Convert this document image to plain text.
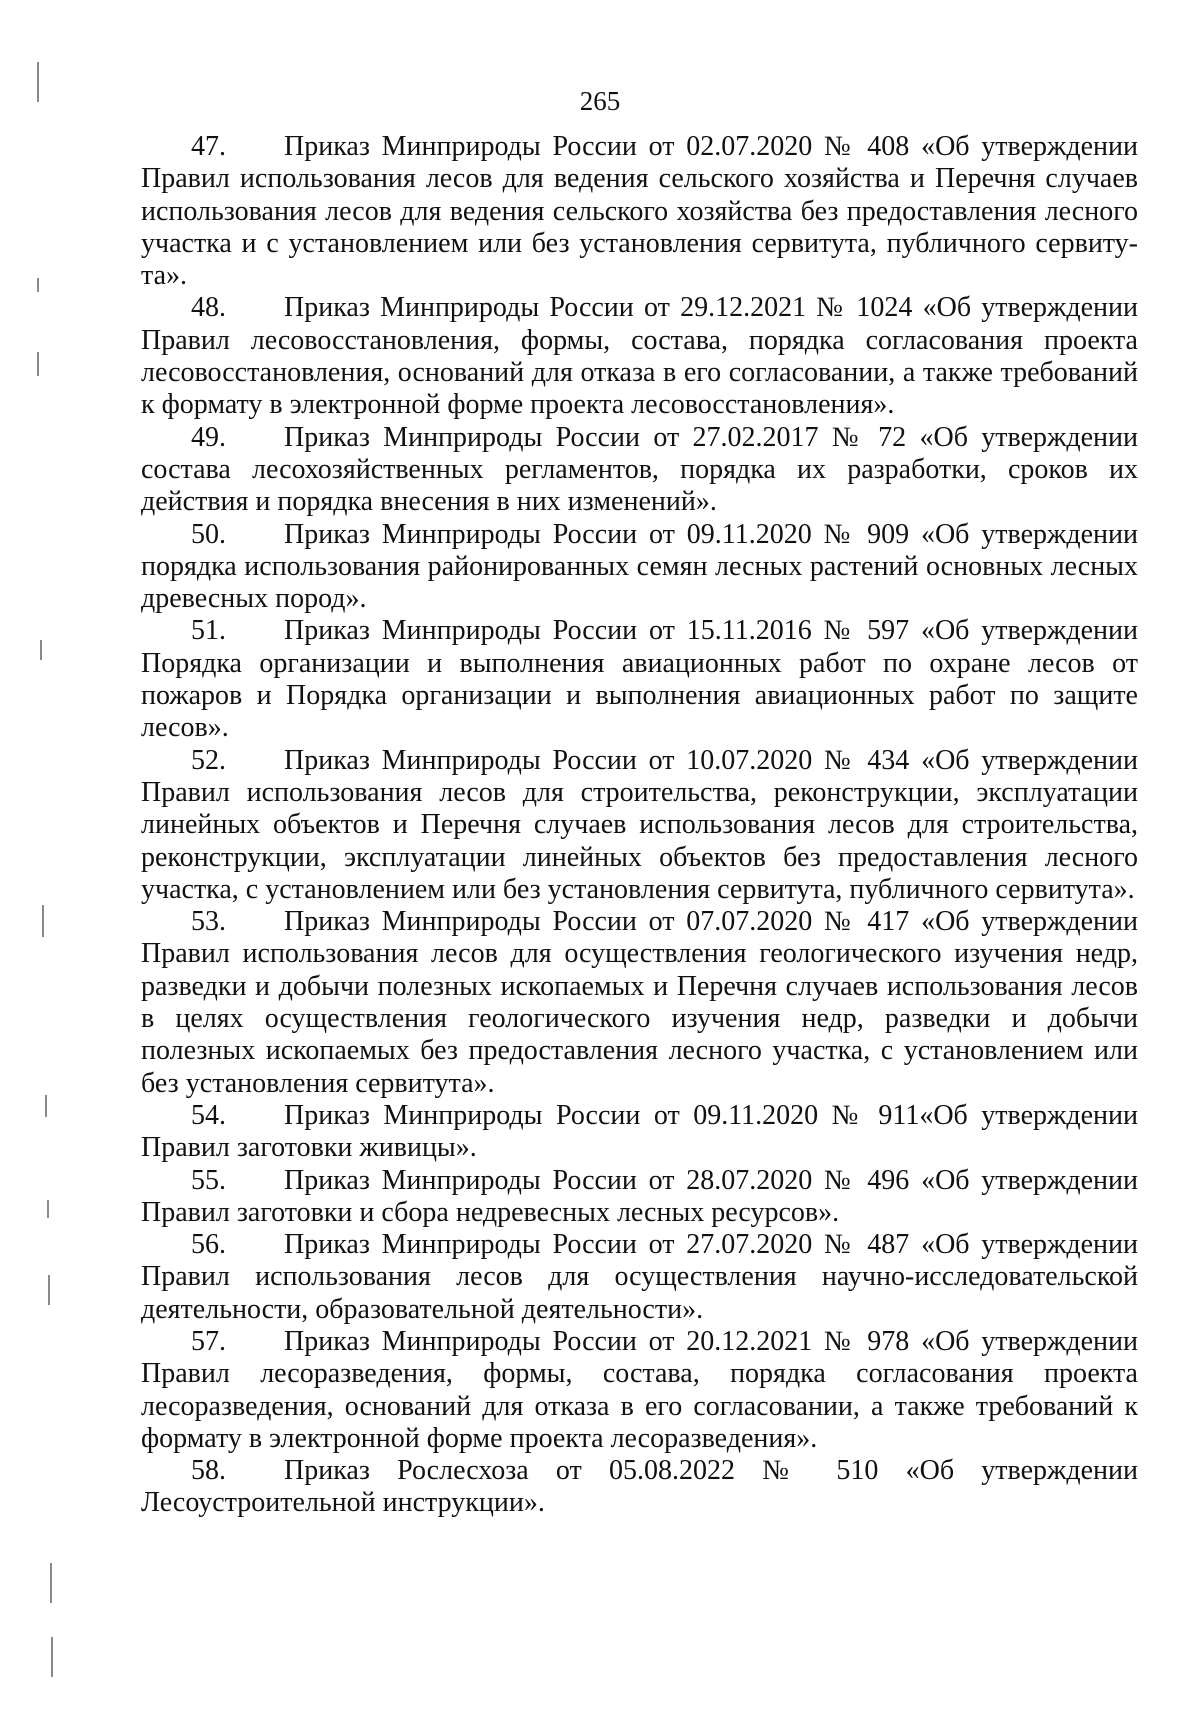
265
47. Приказ Минприроды России от 02.07.2020 № 408 «Об утверждении Правил использования лесов для ведения сельского хозяйства и Перечня случаев использования лесов для ведения сельского хозяйства без предоставления лесного участка и с установлением или без установления сервитута, публичного сервиту-та».
48. Приказ Минприроды России от 29.12.2021 № 1024 «Об утверждении Правил лесовосстановления, формы, состава, порядка согласования проекта лесовосстановления, оснований для отказа в его согласовании, а также требований к формату в электронной форме проекта лесовосстановления».
49. Приказ Минприроды России от 27.02.2017 № 72 «Об утверждении состава лесохозяйственных регламентов, порядка их разработки, сроков их действия и порядка внесения в них изменений».
50. Приказ Минприроды России от 09.11.2020 № 909 «Об утверждении порядка использования районированных семян лесных растений основных лесных древесных пород».
51. Приказ Минприроды России от 15.11.2016 № 597 «Об утверждении Порядка организации и выполнения авиационных работ по охране лесов от пожаров и Порядка организации и выполнения авиационных работ по защите лесов».
52. Приказ Минприроды России от 10.07.2020 № 434 «Об утверждении Правил использования лесов для строительства, реконструкции, эксплуатации линейных объектов и Перечня случаев использования лесов для строительства, реконструкции, эксплуатации линейных объектов без предоставления лесного участка, с установлением или без установления сервитута, публичного сервитута».
53. Приказ Минприроды России от 07.07.2020 № 417 «Об утверждении Правил использования лесов для осуществления геологического изучения недр, разведки и добычи полезных ископаемых и Перечня случаев использования лесов в целях осуществления геологического изучения недр, разведки и добычи полезных ископаемых без предоставления лесного участка, с установлением или без установления сервитута».
54. Приказ Минприроды России от 09.11.2020 № 911«Об утверждении Правил заготовки живицы».
55. Приказ Минприроды России от 28.07.2020 № 496 «Об утверждении Правил заготовки и сбора недревесных лесных ресурсов».
56. Приказ Минприроды России от 27.07.2020 № 487 «Об утверждении Правил использования лесов для осуществления научно-исследовательской деятельности, образовательной деятельности».
57. Приказ Минприроды России от 20.12.2021 № 978 «Об утверждении Правил лесоразведения, формы, состава, порядка согласования проекта лесоразведения, оснований для отказа в его согласовании, а также требований к формату в электронной форме проекта лесоразведения».
58. Приказ Рослесхоза от 05.08.2022 № 510 «Об утверждении Лесоустроительной инструкции».
